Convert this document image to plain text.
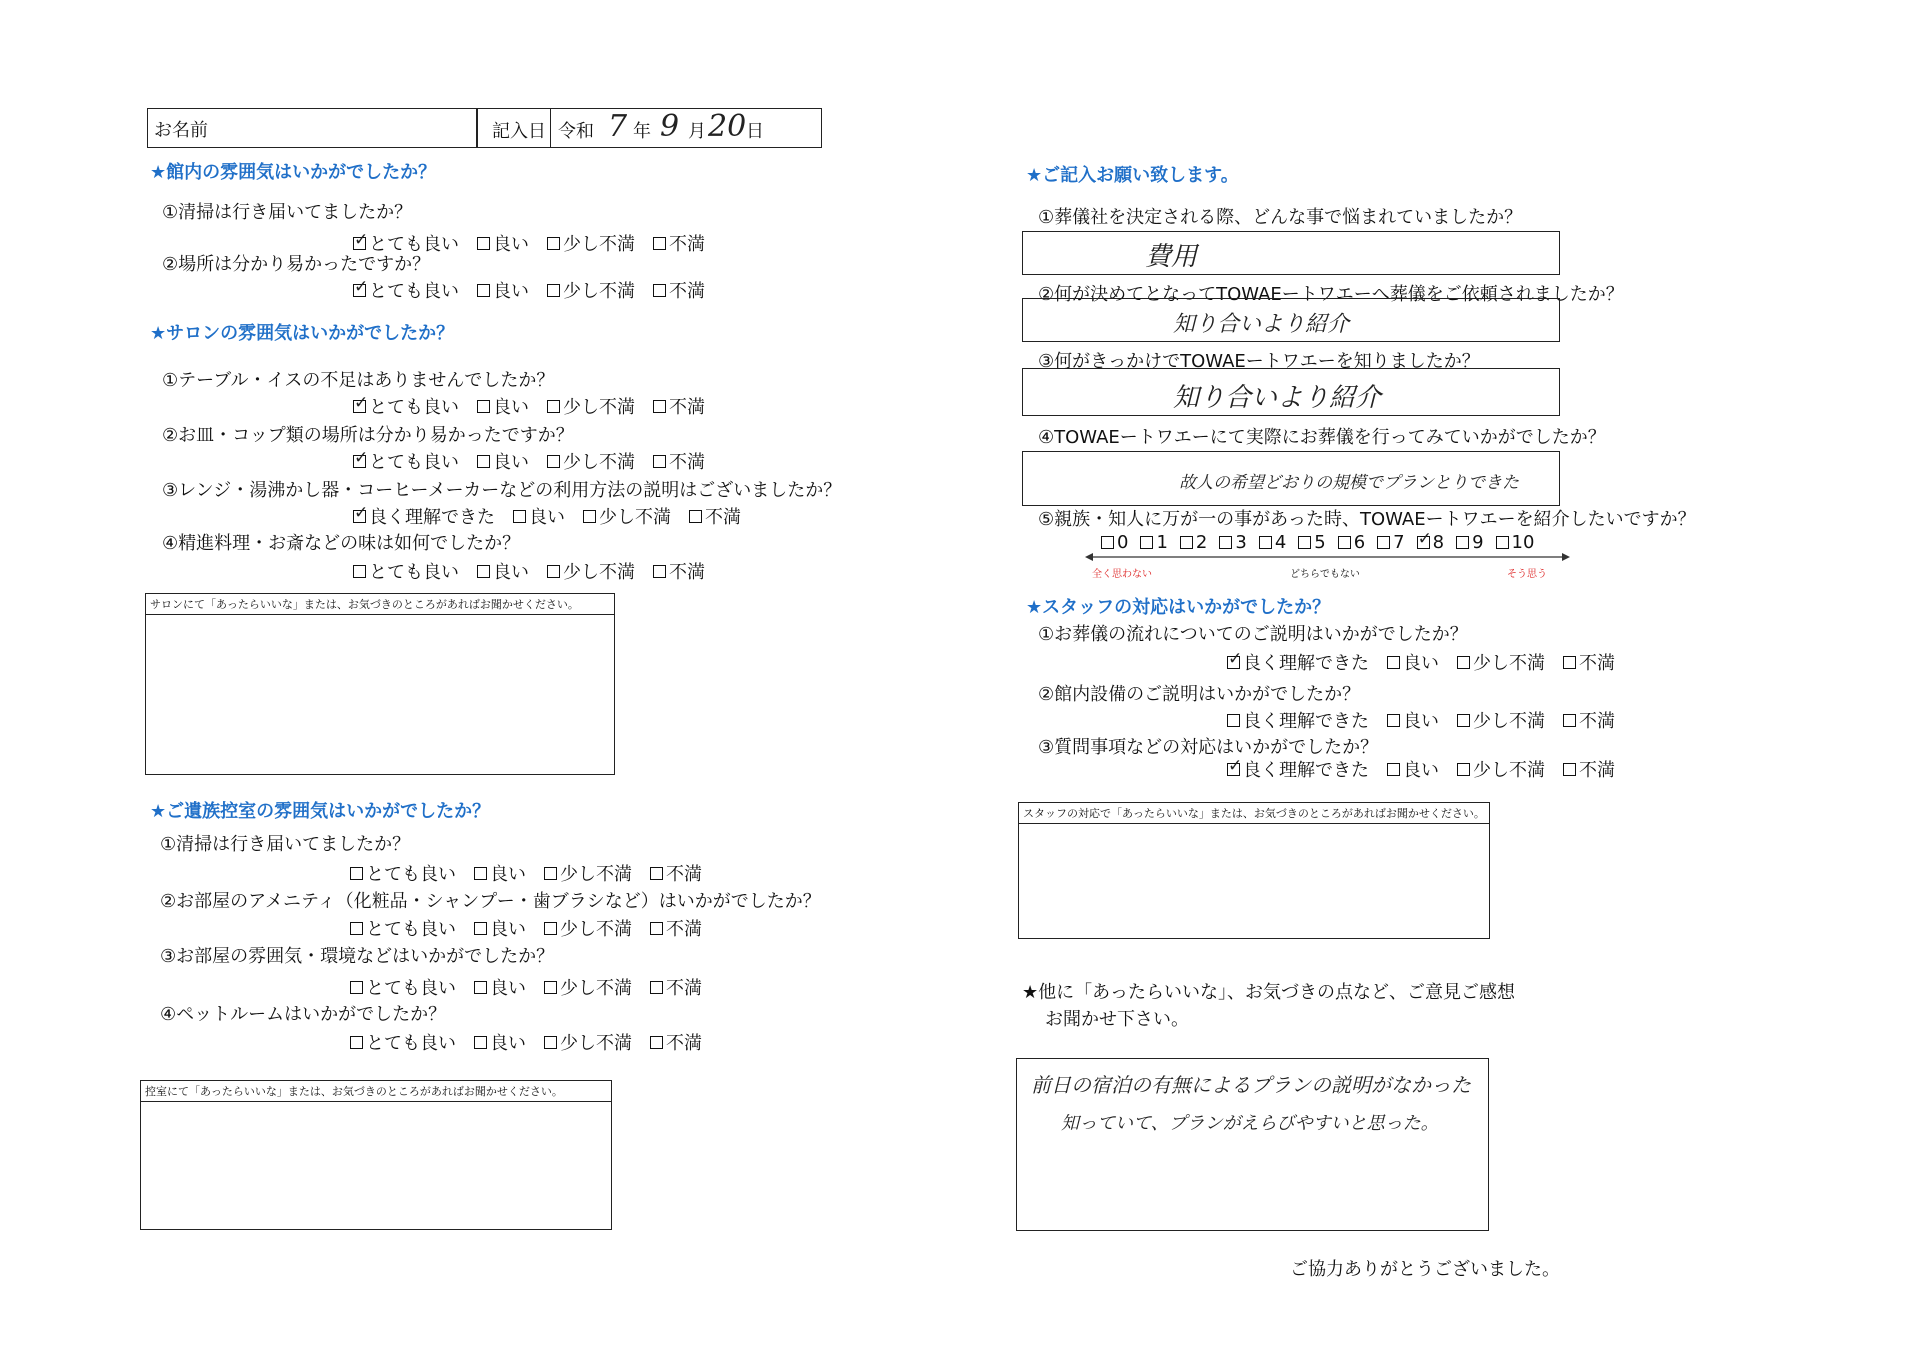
お名前	記入日 令和 7 年 9 月 20 日
★館内の雰囲気はいかがでしたか？
①清掃は行き届いてましたか？
✓
とても良い 良い 少し不満 不満
②場所は分かり易かったですか？
✓
とても良い 良い 少し不満 不満
★サロンの雰囲気はいかがでしたか？
①テーブル・イスの不足はありませんでしたか？
✓
とても良い 良い 少し不満 不満
②お皿・コップ類の場所は分かり易かったですか？
✓
とても良い 良い 少し不満 不満
③レンジ・湯沸かし器・コーヒーメーカーなどの利用方法の説明はございましたか？
✓
良く理解できた 良い 少し不満 不満
④精進料理・お斎などの味は如何でしたか？
とても良い 良い 少し不満 不満
サロンにて「あったらいいな」または、お気づきのところがあればお聞かせください。
★ご遺族控室の雰囲気はいかがでしたか？
①清掃は行き届いてましたか？
とても良い 良い 少し不満 不満
②お部屋のアメニティ（化粧品・シャンプー・歯ブラシなど）はいかがでしたか？
とても良い 良い 少し不満 不満
③お部屋の雰囲気・環境などはいかがでしたか？
とても良い 良い 少し不満 不満
④ペットルームはいかがでしたか？
とても良い 良い 少し不満 不満
控室にて「あったらいいな」または、お気づきのところがあればお聞かせください。
★ご記入お願い致します。
①葬儀社を決定される際、どんな事で悩まれていましたか？
費用
②何が決めてとなってTOWAEートワエーへ葬儀をご依頼されましたか？
知り合いより紹介
③何がきっかけでTOWAEートワエーを知りましたか？
知り合いより紹介
④TOWAEートワエーにて実際にお葬儀を行ってみていかがでしたか？
故人の希望どおりの規模でプランとりできた
⑤親族・知人に万が一の事があった時、TOWAEートワエーを紹介したいですか？
0 1 2 3 4 5 6 7
✓ 8 9 10
全く思わない	どちらでもない	そう思う
★スタッフの対応はいかがでしたか？
①お葬儀の流れについてのご説明はいかがでしたか？
✓
良く理解できた 良い 少し不満 不満
②館内設備のご説明はいかがでしたか？
良く理解できた 良い 少し不満 不満
③質問事項などの対応はいかがでしたか？
✓
良く理解できた 良い 少し不満 不満
スタッフの対応で「あったらいいな」または、お気づきのところがあればお聞かせください。
★他に「あったらいいな」、お気づきの点など、ご意見ご感想
お聞かせ下さい。
前日の宿泊の有無によるプランの説明がなかった
知っていて、プランがえらびやすいと思った。
ご協力ありがとうございました。
